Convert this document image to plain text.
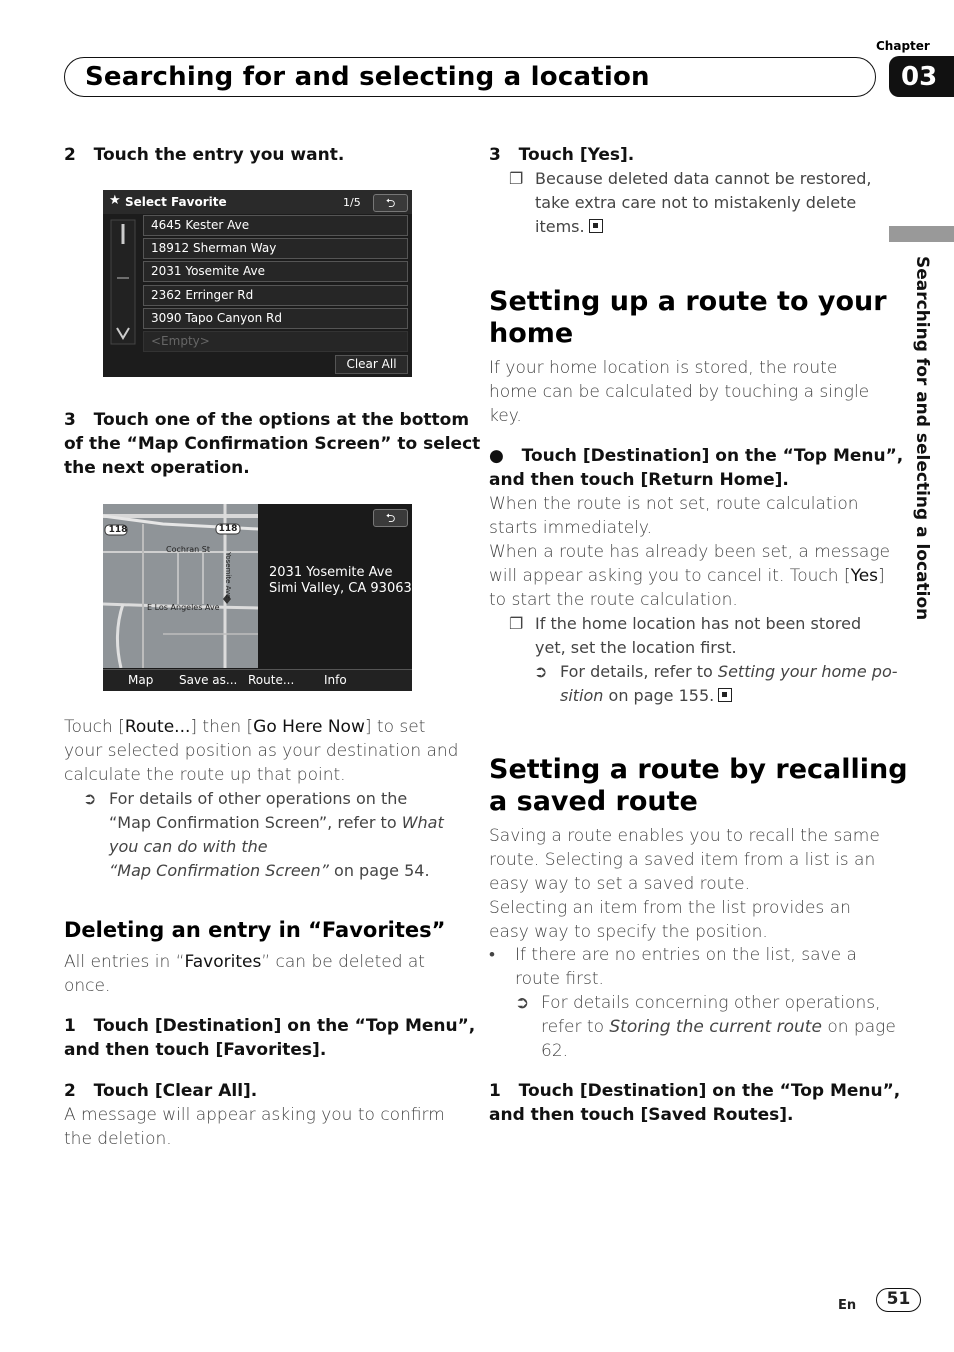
Chapter
03
Searching for and selecting a location
Searching for and selecting a location
2 Touch the entry you want.
★ Select Favorite	1/5	⮌
4645 Kester Ave
18912 Sherman Way
2031 Yosemite Ave
2362 Erringer Rd
3090 Tapo Canyon Rd
<Empty>
Clear All
3 Touch one of the options at the bottom
of the “Map Confirmation Screen” to select
the next operation.
118	118
Cochran St
E Los Angeles Ave
Yosemite Ave
⮌
2031 Yosemite Ave
Simi Valley, CA 93063
Map Save as... Route... Info
Touch [Route...] then [Go Here Now] to set
your selected position as your destination and
calculate the route up that point.
➲ For details of other operations on the
“Map Confirmation Screen”, refer to What
you can do with the
“Map Confirmation Screen” on page 54.
Deleting an entry in “Favorites”
All entries in “Favorites” can be deleted at
once.
1 Touch [Destination] on the “Top Menu”,
and then touch [Favorites].
2 Touch [Clear All].
A message will appear asking you to confirm
the deletion.
3 Touch [Yes].
❐ Because deleted data cannot be restored,
take extra care not to mistakenly delete
items.
Setting up a route to your
home
If your home location is stored, the route
home can be calculated by touching a single
key.
● Touch [Destination] on the “Top Menu”,
and then touch [Return Home].
When the route is not set, route calculation
starts immediately.
When a route has already been set, a message
will appear asking you to cancel it. Touch [Yes]
to start the route calculation.
❐ If the home location has not been stored
yet, set the location first.
➲ For details, refer to Setting your home po-
sition on page 155.
Setting a route by recalling
a saved route
Saving a route enables you to recall the same
route. Selecting a saved item from a list is an
easy way to set a saved route.
Selecting an item from the list provides an
easy way to specify the position.
• If there are no entries on the list, save a
route first.
➲ For details concerning other operations,
refer to Storing the current route on page
62.
1 Touch [Destination] on the “Top Menu”,
and then touch [Saved Routes].
En	51
